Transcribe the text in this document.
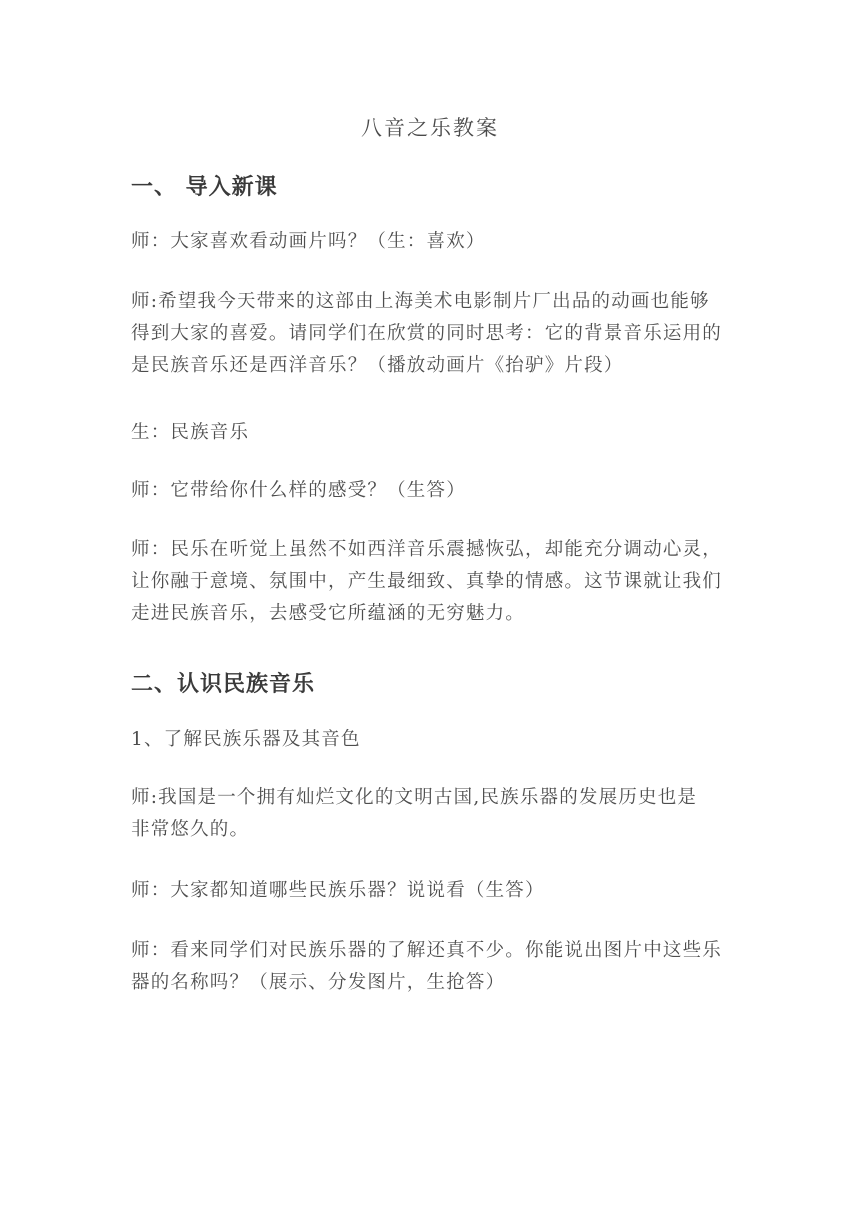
八音之乐教案
一、 导入新课
师：大家喜欢看动画片吗？（生：喜欢）
师:希望我今天带来的这部由上海美术电影制片厂出品的动画也能够
得到大家的喜爱。请同学们在欣赏的同时思考：它的背景音乐运用的
是民族音乐还是西洋音乐？（播放动画片《抬驴》片段）
生：民族音乐
师：它带给你什么样的感受？（生答）
师：民乐在听觉上虽然不如西洋音乐震撼恢弘，却能充分调动心灵，
让你融于意境、氛围中，产生最细致、真挚的情感。这节课就让我们
走进民族音乐，去感受它所蕴涵的无穷魅力。
二、认识民族音乐
1、了解民族乐器及其音色
师:我国是一个拥有灿烂文化的文明古国,民族乐器的发展历史也是
非常悠久的。
师：大家都知道哪些民族乐器？说说看（生答）
师：看来同学们对民族乐器的了解还真不少。你能说出图片中这些乐
器的名称吗？（展示、分发图片，生抢答）
